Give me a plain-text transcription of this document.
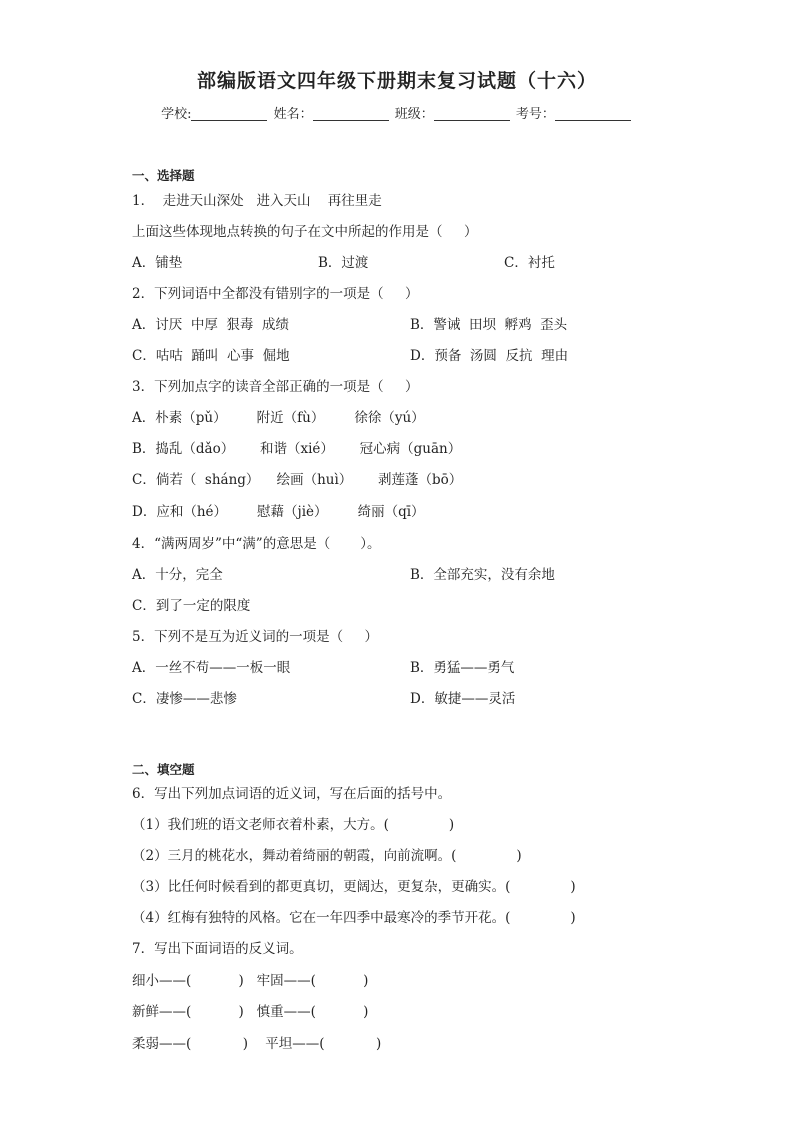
部编版语文四年级下册期末复习试题（十六）
学校:	姓名：	班级：	考号：
一、选择题
1．  走进天山深处   进入天山    再往里走
上面这些体现地点转换的句子在文中所起的作用是（     ）
A．铺垫	B．过渡	C．衬托
2．下列词语中全都没有错别字的一项是（     ）
A．讨厌  中厚  狠毒  成绩	B．警诫  田坝  孵鸡  歪头
C．咕咕  踊叫  心事  倔地	D．预备  汤圆  反抗  理由
3．下列加点字的读音全部正确的一项是（     ）
A．朴素（pǔ）       附近（fù）       徐徐（yú）
B．捣乱（dǎo）      和谐（xié）      冠心病（guān）
C．倘若（  sháng）    绘画（huì）      剥莲蓬（bō）
D．应和（hé）       慰藉（jiè）       绮丽（qī）
4．“满两周岁”中“满”的意思是（       ）。
A．十分，完全	B．全部充实，没有余地
C．到了一定的限度
5．下列不是互为近义词的一项是（     ）
A．一丝不苟——一板一眼	B．勇猛——勇气
C．凄惨——悲惨	D．敏捷——灵活
二、填空题
6．写出下列加点词语的近义词，写在后面的括号中。
（1）我们班的语文老师衣着朴素，大方。(              )
（2）三月的桃花水，舞动着绮丽的朝霞，向前流啊。(              )
（3）比任何时候看到的都更真切，更阔达，更复杂，更确实。(              )
（4）红梅有独特的风格。它在一年四季中最寒冷的季节开花。(              )
7．写出下面词语的反义词。
细小——(           )   牢固——(           )
新鲜——(           )   慎重——(           )
柔弱——(            )    平坦——(            )
